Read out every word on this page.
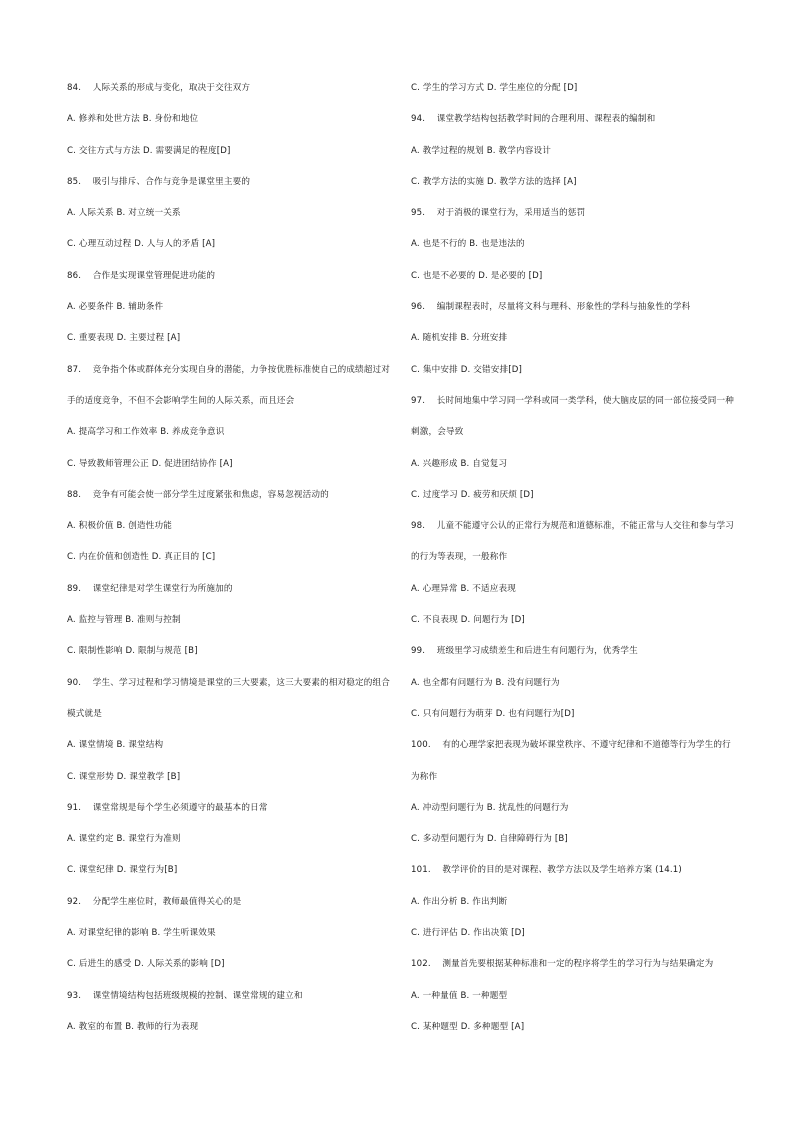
84.　 人际关系的形成与变化，取决于交往双方
A. 修养和处世方法 B. 身份和地位
C. 交往方式与方法 D. 需要满足的程度[D]
85.　 吸引与排斥、合作与竞争是课堂里主要的
A. 人际关系 B. 对立统一关系
C. 心理互动过程 D. 人与人的矛盾 [A]
86.　 合作是实现课堂管理促进功能的
A. 必要条件 B. 辅助条件
C. 重要表现 D. 主要过程 [A]
87.　 竞争指个体或群体充分实现自身的潜能，力争按优胜标准使自己的成绩超过对
手的适度竞争，不但不会影响学生间的人际关系，而且还会
A. 提高学习和工作效率 B. 养成竞争意识
C. 导致教师管理公正 D. 促进团结协作 [A]
88.　 竞争有可能会使一部分学生过度紧张和焦虑，容易忽视活动的
A. 积极价值 B. 创造性功能
C. 内在价值和创造性 D. 真正目的 [C]
89.　 课堂纪律是对学生课堂行为所施加的
A. 监控与管理 B. 准则与控制
C. 限制性影响 D. 限制与规范 [B]
90.　 学生、学习过程和学习情境是课堂的三大要素，这三大要素的相对稳定的组合
模式就是
A. 课堂情境 B. 课堂结构
C. 课堂形势 D. 课堂教学 [B]
91.　 课堂常规是每个学生必须遵守的最基本的日常
A. 课堂约定 B. 课堂行为准则
C. 课堂纪律 D. 课堂行为[B]
92.　 分配学生座位时，教师最值得关心的是
A. 对课堂纪律的影响 B. 学生听课效果
C. 后进生的感受 D. 人际关系的影响 [D]
93.　 课堂情境结构包括班级规模的控制、课堂常规的建立和
A. 教室的布置 B. 教师的行为表现
C. 学生的学习方式 D. 学生座位的分配 [D]
94.　 课堂教学结构包括教学时间的合理利用、课程表的编制和
A. 教学过程的规划 B. 教学内容设计
C. 教学方法的实施 D. 教学方法的选择 [A]
95.　 对于消极的课堂行为，采用适当的惩罚
A. 也是不行的 B. 也是违法的
C. 也是不必要的 D. 是必要的 [D]
96.　 编制课程表时，尽量将文科与理科、形象性的学科与抽象性的学科
A. 随机安排 B. 分班安排
C. 集中安排 D. 交错安排[D]
97.　 长时间地集中学习同一学科或同一类学科，使大脑皮层的同一部位接受同一种
刺激，会导致
A. 兴趣形成 B. 自觉复习
C. 过度学习 D. 疲劳和厌烦 [D]
98.　 儿童不能遵守公认的正常行为规范和道德标准，不能正常与人交往和参与学习
的行为等表现，一般称作
A. 心理异常 B. 不适应表现
C. 不良表现 D. 问题行为 [D]
99.　 班级里学习成绩差生和后进生有问题行为，优秀学生
A. 也全都有问题行为 B. 没有问题行为
C. 只有问题行为萌芽 D. 也有问题行为[D]
100.　 有的心理学家把表现为破坏课堂秩序、不遵守纪律和不道德等行为学生的行
为称作
A. 冲动型问题行为 B. 扰乱性的问题行为
C. 多动型问题行为 D. 自律障碍行为 [B]
101.　 教学评价的目的是对课程、教学方法以及学生培养方案 (14.1)
A. 作出分析 B. 作出判断
C. 进行评估 D. 作出决策 [D]
102.　 测量首先要根据某种标准和一定的程序将学生的学习行为与结果确定为
A. 一种量值 B. 一种题型
C. 某种题型 D. 多种题型 [A]
